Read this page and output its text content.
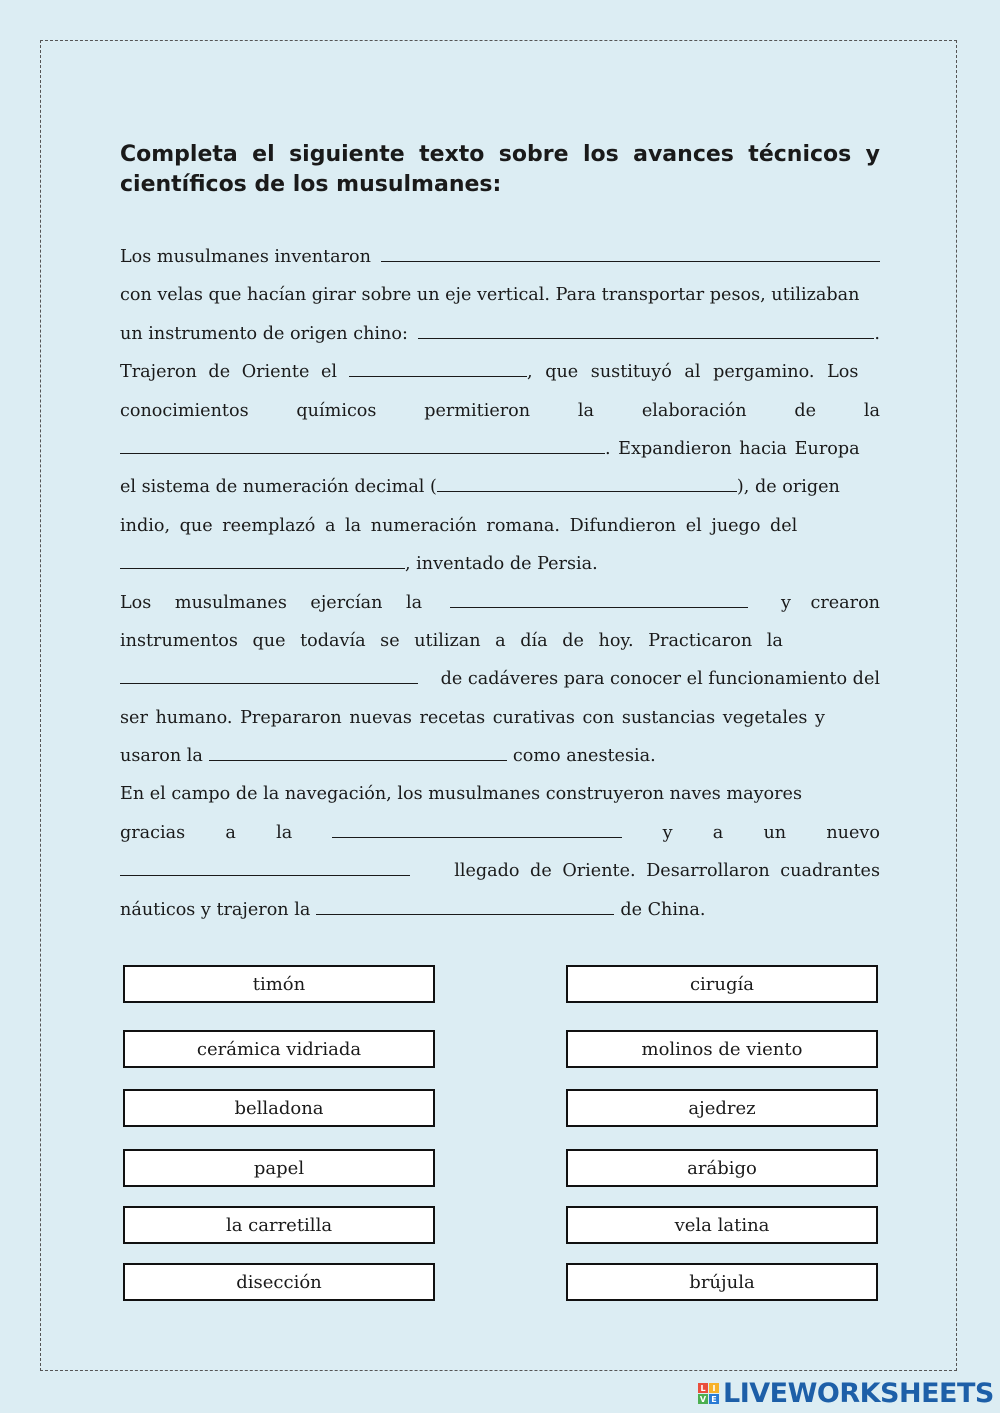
Completa el siguiente texto sobre los avances técnicos y
científicos de los musulmanes:
Los musulmanes inventaron
con velas que hacían girar sobre un eje vertical. Para transportar pesos, utilizaban
un instrumento de origen chino:	.
Trajeron de Oriente el	, que sustituyó al pergamino. Los
conocimientos	químicos	permitieron	la	elaboración	de	la
. Expandieron hacia Europa
el sistema de numeración decimal (	), de origen
indio, que reemplazó a la numeración romana. Difundieron el juego del
, inventado de Persia.
Los musulmanes ejercían la	y crearon
instrumentos que todavía se utilizan a día de hoy. Practicaron la
de cadáveres para conocer el funcionamiento del
ser humano. Prepararon nuevas recetas curativas con sustancias vegetales y
usaron la	como anestesia.
En el campo de la navegación, los musulmanes construyeron naves mayores
gracias a la	y a un nuevo
llegado de Oriente. Desarrollaron cuadrantes
náuticos y trajeron la	de China.
timón	cirugía
cerámica vidriada	molinos de viento
belladona	ajedrez
papel	arábigo
la carretilla	vela latina
disección	brújula
L I
V E LIVEWORKSHEETS
